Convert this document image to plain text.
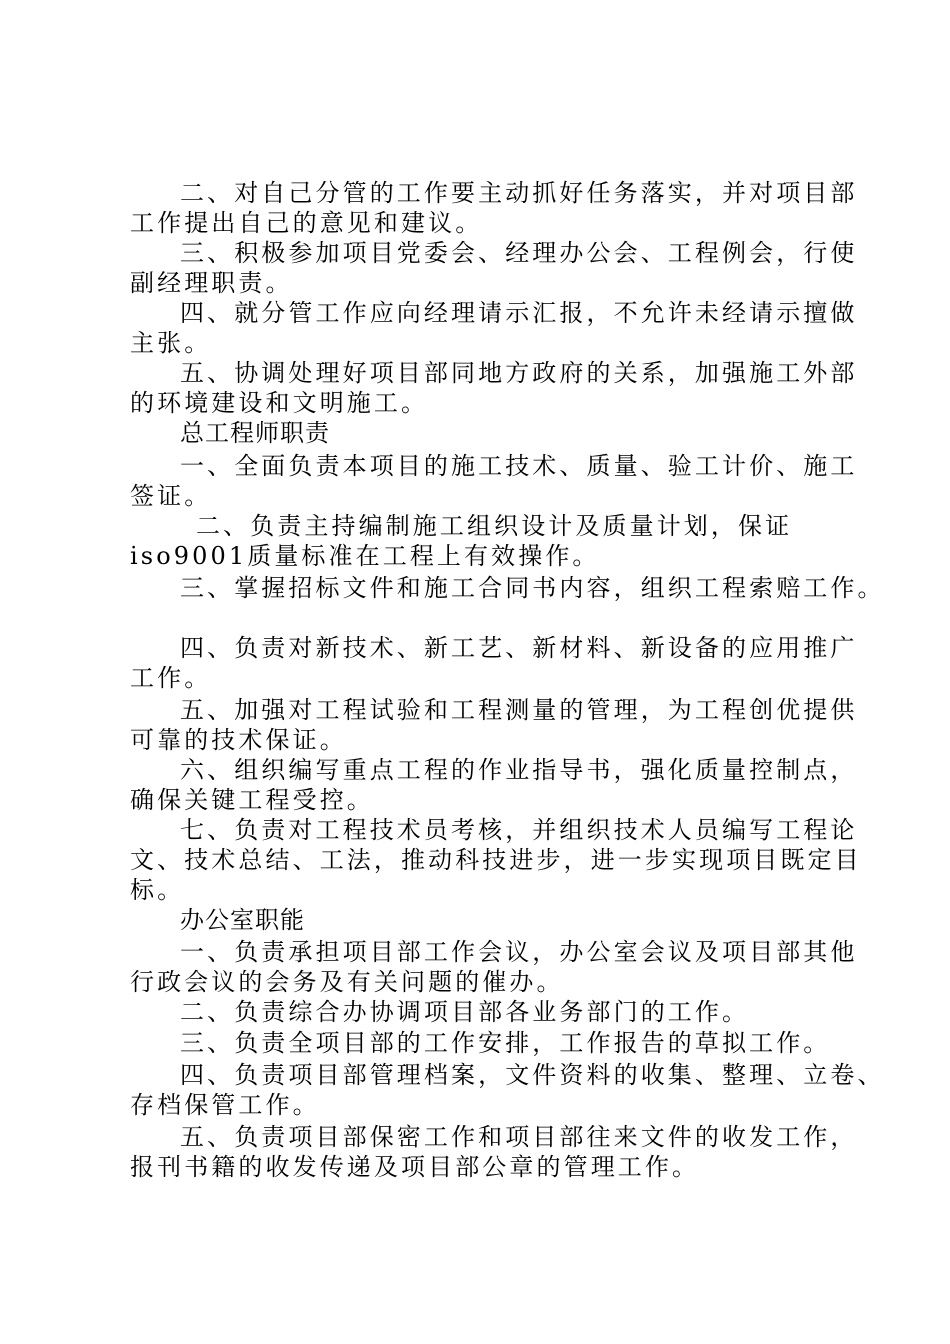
二、对自己分管的工作要主动抓好任务落实，并对项目部
工作提出自己的意见和建议。
三、积极参加项目党委会、经理办公会、工程例会，行使
副经理职责。
四、就分管工作应向经理请示汇报，不允许未经请示擅做
主张。
五、协调处理好项目部同地方政府的关系，加强施工外部
的环境建设和文明施工。
总工程师职责
一、全面负责本项目的施工技术、质量、验工计价、施工
签证。
二、负责主持编制施工组织设计及质量计划，保证
iso9001质量标准在工程上有效操作。
三、掌握招标文件和施工合同书内容，组织工程索赔工作。
四、负责对新技术、新工艺、新材料、新设备的应用推广
工作。
五、加强对工程试验和工程测量的管理，为工程创优提供
可靠的技术保证。
六、组织编写重点工程的作业指导书，强化质量控制点，
确保关键工程受控。
七、负责对工程技术员考核，并组织技术人员编写工程论
文、技术总结、工法，推动科技进步，进一步实现项目既定目
标。
办公室职能
一、负责承担项目部工作会议，办公室会议及项目部其他
行政会议的会务及有关问题的催办。
二、负责综合办协调项目部各业务部门的工作。
三、负责全项目部的工作安排，工作报告的草拟工作。
四、负责项目部管理档案，文件资料的收集、整理、立卷、
存档保管工作。
五、负责项目部保密工作和项目部往来文件的收发工作，
报刊书籍的收发传递及项目部公章的管理工作。
